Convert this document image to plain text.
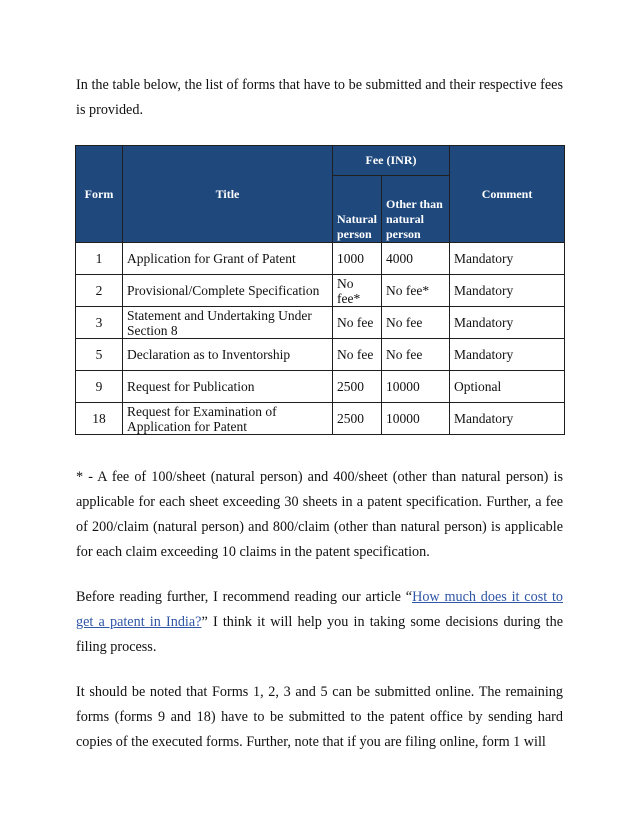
In the table below, the list of forms that have to be submitted and their respective fees is provided.

Form	Title	Fee (INR)		Comment
		Natural person	Other than natural person	
1	Application for Grant of Patent	1000	4000	Mandatory
2	Provisional/Complete Specification	No fee*	No fee*	Mandatory
3	Statement and Undertaking Under Section 8	No fee	No fee	Mandatory
5	Declaration as to Inventorship	No fee	No fee	Mandatory
9	Request for Publication	2500	10000	Optional
18	Request for Examination of Application for Patent	2500	10000	Mandatory

* - A fee of 100/sheet (natural person) and 400/sheet (other than natural person) is applicable for each sheet exceeding 30 sheets in a patent specification. Further, a fee of 200/claim (natural person) and 800/claim (other than natural person) is applicable for each claim exceeding 10 claims in the patent specification.

Before reading further, I recommend reading our article “How much does it cost to get a patent in India?” I think it will help you in taking some decisions during the filing process.

It should be noted that Forms 1, 2, 3 and 5 can be submitted online. The remaining forms (forms 9 and 18) have to be submitted to the patent office by sending hard copies of the executed forms. Further, note that if you are filing online, form 1 will
